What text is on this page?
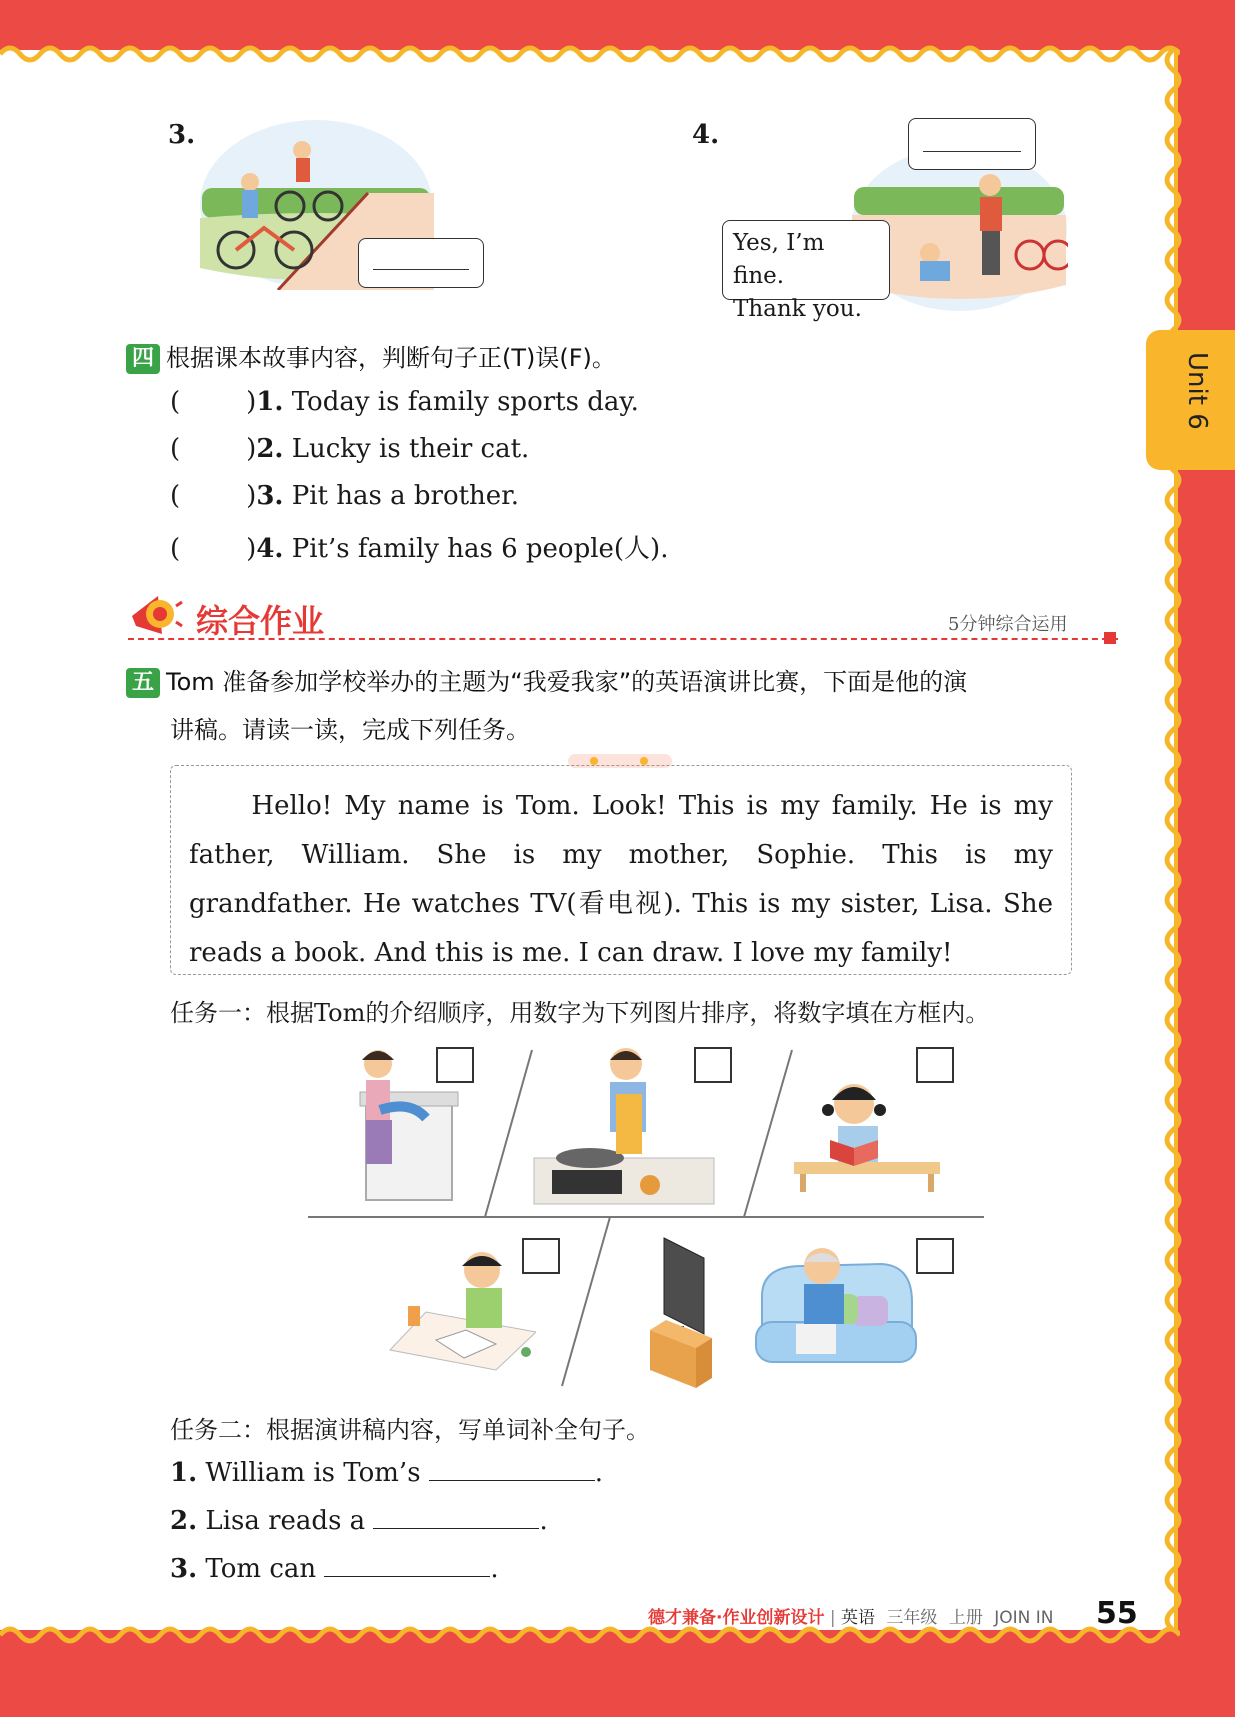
Unit 6
3.	4.
Yes, I’m fine.
Thank you.
四 根据课本故事内容，判断句子正(T)误(F)。
(	)1. Today is family sports day.
(	)2. Lucky is their cat.
(	)3. Pit has a brother.
(	)4. Pit’s family has 6 people(人).
综合作业	5分钟综合运用
五 Tom 准备参加学校举办的主题为“我爱我家”的英语演讲比赛，下面是他的演
讲稿。请读一读，完成下列任务。

Hello! My name is Tom. Look! This is my family. He is my father, William. She is my mother, Sophie. This is my grandfather. He watches TV(看电视). This is my sister, Lisa. She reads a book. And this is me. I can draw. I love my family!

任务一：根据Tom的介绍顺序，用数字为下列图片排序，将数字填在方框内。
任务二：根据演讲稿内容，写单词补全句子。
1. William is Tom’s	.
2. Lisa reads a	.
3. Tom can	.
德才兼备·作业创新设计 | 英语 三年级 上册 JOIN IN 55
